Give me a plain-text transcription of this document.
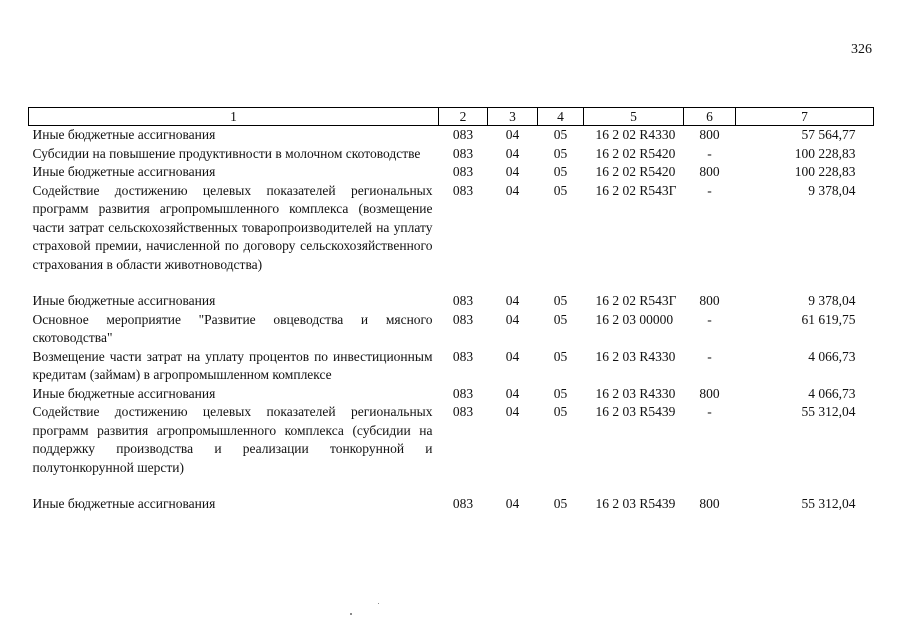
326
1	2	3	4	5	6	7
Иные бюджетные ассигнования	083	04	05	16 2 02 R4330	800	57 564,77
Субсидии на повышение продуктивности в молочном скотоводстве	083	04	05	16 2 02 R5420	-	100 228,83
Иные бюджетные ассигнования	083	04	05	16 2 02 R5420	800	100 228,83
Содействие достижению целевых показателей региональных программ развития агропромышленного комплекса (возмещение части затрат сельскохозяйственных товаропроизводителей на уплату страховой премии, начисленной по договору сельскохозяйственного страхования в области животноводства)	083	04	05	16 2 02 R543Г	-	9 378,04
Иные бюджетные ассигнования	083	04	05	16 2 02 R543Г	800	9 378,04
Основное мероприятие "Развитие овцеводства и мясного скотоводства"	083	04	05	16 2 03 00000	-	61 619,75
Возмещение части затрат на уплату процентов по инвестиционным кредитам (займам) в агропромышленном комплексе	083	04	05	16 2 03 R4330	-	4 066,73
Иные бюджетные ассигнования	083	04	05	16 2 03 R4330	800	4 066,73
Содействие достижению целевых показателей региональных программ развития агропромышленного комплекса (субсидии на поддержку производства и реализации тонкорунной и полутонкорунной шерсти)	083	04	05	16 2 03 R5439	-	55 312,04
Иные бюджетные ассигнования	083	04	05	16 2 03 R5439	800	55 312,04
